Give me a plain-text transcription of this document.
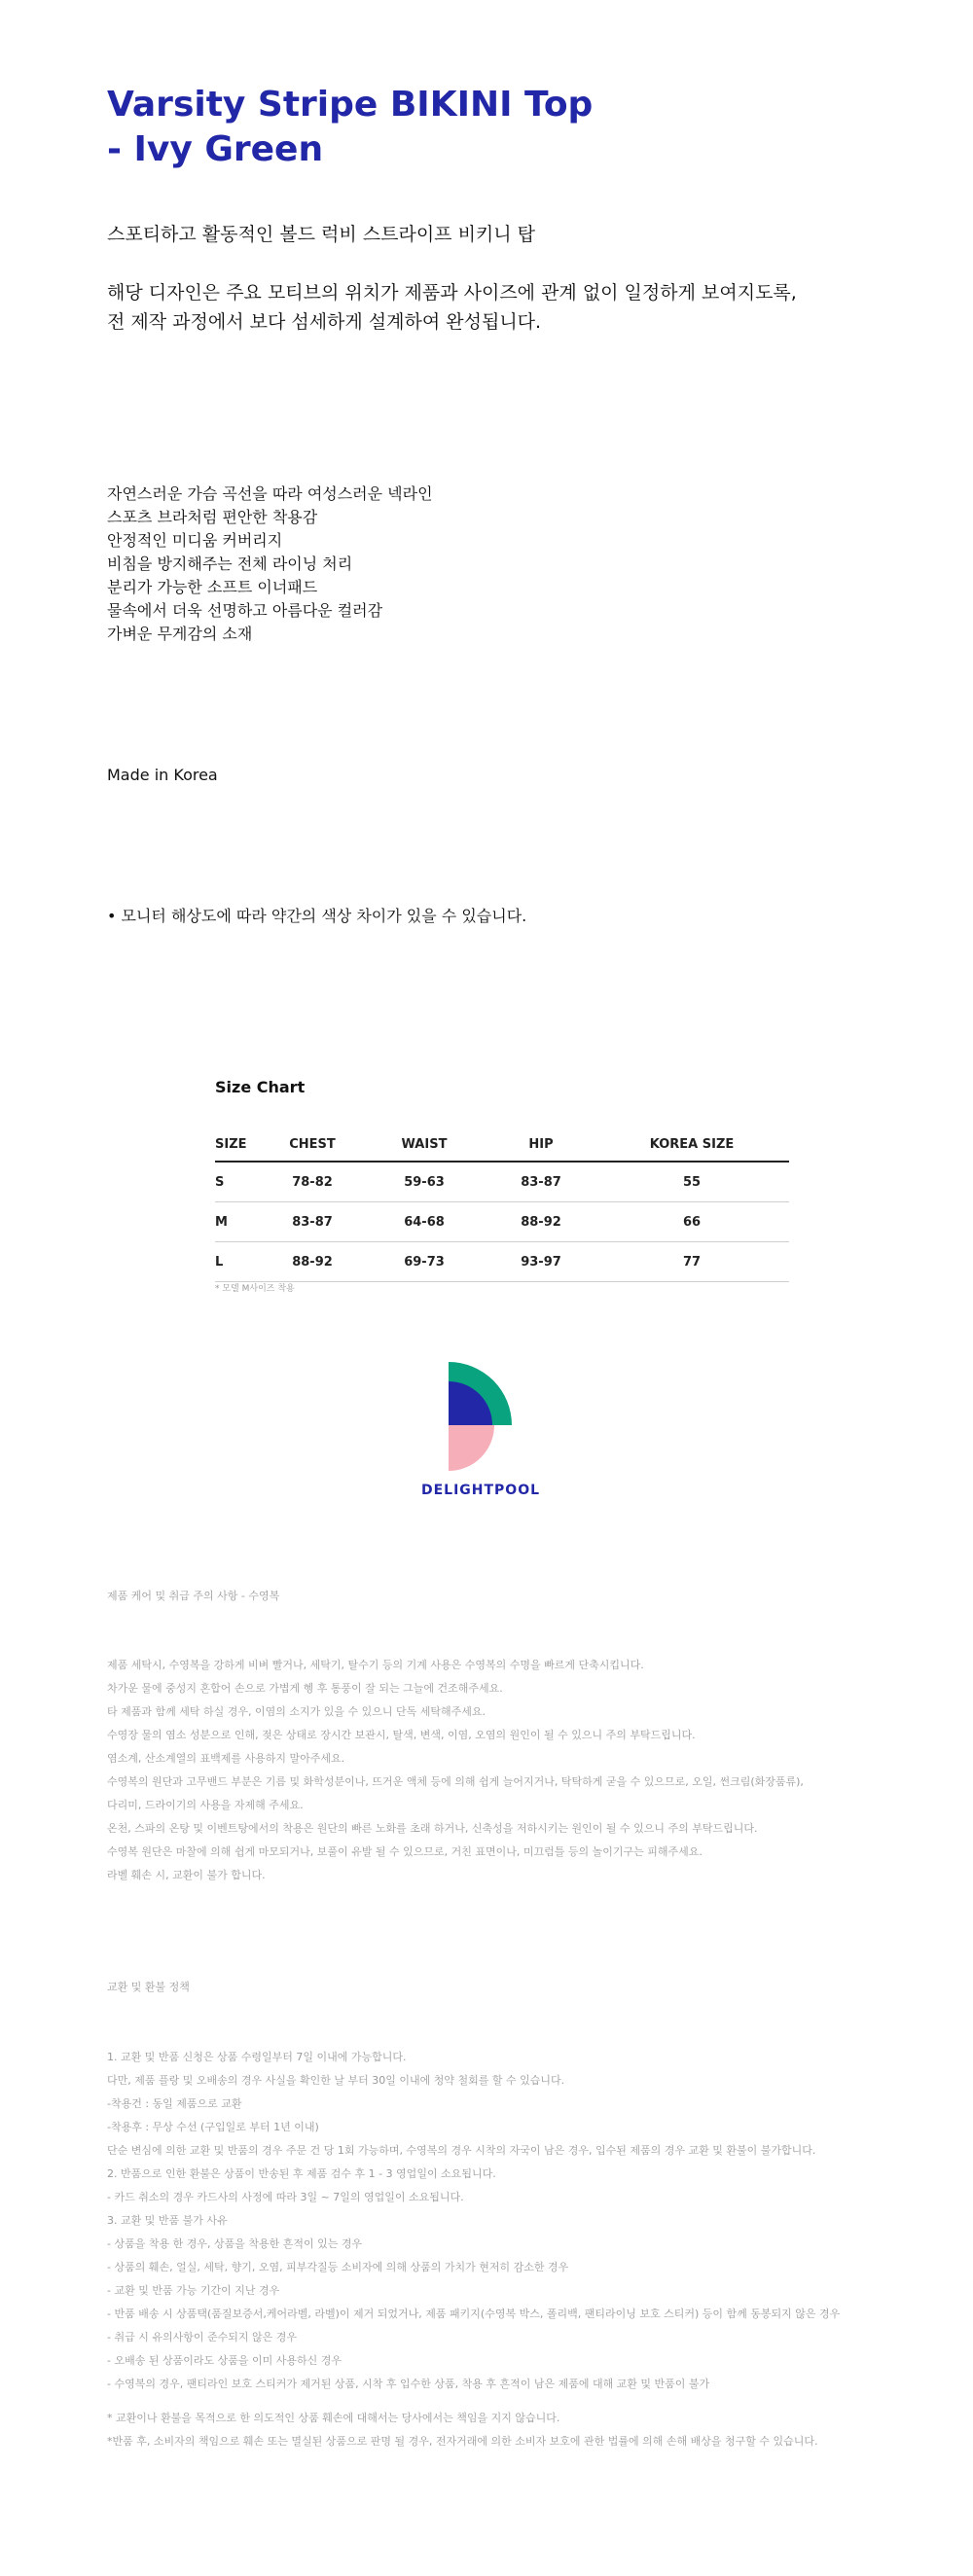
Varsity Stripe BIKINI Top
- Ivy Green
스포티하고 활동적인 볼드 럭비 스트라이프 비키니 탑
해당 디자인은 주요 모티브의 위치가 제품과 사이즈에 관계 없이 일정하게 보여지도록,
전 제작 과정에서 보다 섬세하게 설계하여 완성됩니다.
자연스러운 가슴 곡선을 따라 여성스러운 넥라인
스포츠 브라처럼 편안한 착용감
안정적인 미디움 커버리지
비침을 방지해주는 전체 라이닝 처리
분리가 가능한 소프트 이너패드
물속에서 더욱 선명하고 아름다운 컬러감
가벼운 무게감의 소재
Made in Korea
• 모니터 해상도에 따라 약간의 색상 차이가 있을 수 있습니다.
Size Chart
SIZE	CHEST	WAIST	HIP	KOREA SIZE
S	78-82	59-63	83-87	55
M	83-87	64-68	88-92	66
L	88-92	69-73	93-97	77
* 모델 M사이즈 착용
DELIGHTPOOL
제품 케어 및 취급 주의 사항 - 수영복
제품 세탁시, 수영복을 강하게 비벼 빨거나, 세탁기, 탈수기 등의 기계 사용은 수영복의 수명을 빠르게 단축시킵니다.
차가운 물에 중성지 혼합어 손으로 가볍게 헹 후 통풍이 잘 되는 그늘에 건조해주세요.
타 제품과 함께 세탁 하실 경우, 이염의 소지가 있을 수 있으니 단독 세탁해주세요.
수영장 물의 염소 성분으로 인해, 젖은 상태로 장시간 보관시, 탈색, 변색, 이염, 오염의 원인이 될 수 있으니 주의 부탁드립니다.
염소계, 산소계열의 표백제를 사용하지 말아주세요.
수영복의 원단과 고무밴드 부분은 기름 및 화학성분이나, 뜨거운 액체 등에 의해 쉽게 늘어지거나, 탁탁하게 굳을 수 있으므로, 오일, 썬크림(화장품류),
다리미, 드라이기의 사용을 자제해 주세요.
온천, 스파의 온탕 및 이벤트탕에서의 착용은 원단의 빠른 노화를 초래 하거나, 신축성을 저하시키는 원인이 될 수 있으니 주의 부탁드립니다.
수영복 원단은 마찰에 의해 쉽게 마모되거나, 보풀이 유발 될 수 있으므로, 거친 표면이나, 미끄럼틀 등의 놀이기구는 피해주세요.
라벨 훼손 시, 교환이 불가 합니다.
교환 및 환불 정책
1. 교환 및 반품 신청은 상품 수령일부터 7일 이내에 가능합니다.
다만, 제품 플랑 및 오배송의 경우 사실을 확인한 날 부터 30일 이내에 청약 철회를 할 수 있습니다.
-착용건 : 동일 제품으로 교환
-착용후 : 무상 수선 (구입일로 부터 1년 이내)
단순 변심에 의한 교환 및 반품의 경우 주문 건 당 1회 가능하며, 수영복의 경우 시착의 자국이 남은 경우, 입수된 제품의 경우 교환 및 환불이 불가합니다.
2. 반품으로 인한 환불은 상품이 반송된 후 제품 검수 후 1 - 3 영업일이 소요됩니다.
- 카드 취소의 경우 카드사의 사정에 따라 3일 ~ 7일의 영업일이 소요됩니다.
3. 교환 및 반품 불가 사유
- 상품을 착용 한 경우, 상품을 착용한 흔적이 있는 경우
- 상품의 훼손, 얼실, 세탁, 향기, 오염, 피부각질등 소비자에 의해 상품의 가치가 현저히 감소한 경우
- 교환 및 반품 가능 기간이 지난 경우
- 반품 배송 시 상품택(품질보증서,케어라벨, 라벨)이 제거 되었거나, 제품 패키지(수영복 박스, 폴리백, 팬티라이닝 보호 스티커) 등이 함께 동봉되지 않은 경우
- 취급 시 유의사항이 준수되지 않은 경우
- 오배송 된 상품이라도 상품을 이미 사용하신 경우
- 수영복의 경우, 팬티라인 보호 스티커가 제거된 상품, 시착 후 입수한 상품, 착용 후 흔적이 남은 제품에 대해 교환 및 반품이 불가
* 교환이나 환불을 목적으로 한 의도적인 상품 훼손에 대해서는 당사에서는 책임을 지지 않습니다.
*반품 후, 소비자의 책임으로 훼손 또는 멸실된 상품으로 판명 될 경우, 전자거래에 의한 소비자 보호에 관한 법률에 의해 손해 배상을 청구할 수 있습니다.
